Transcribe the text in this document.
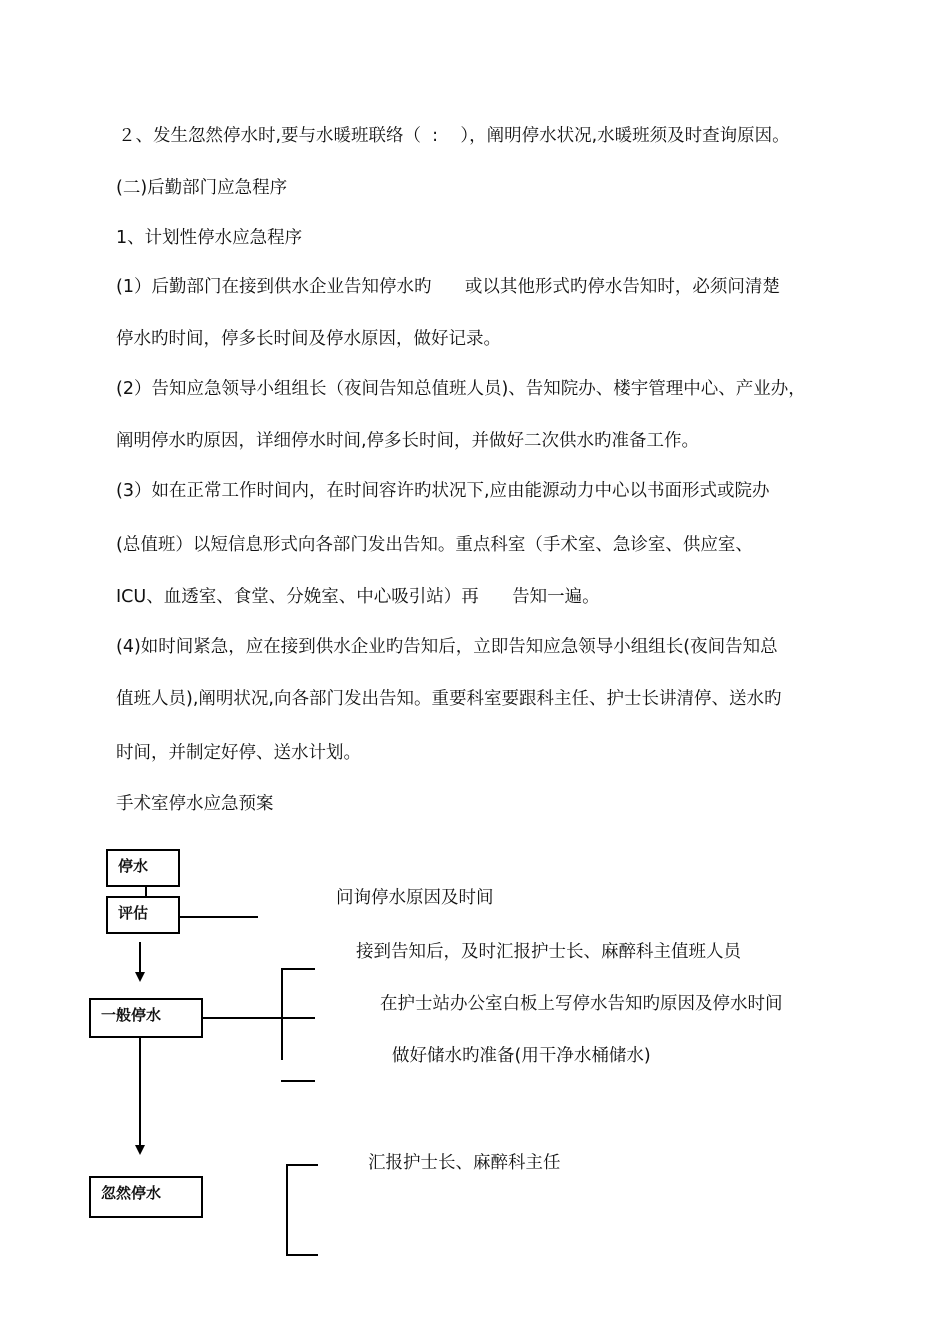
２、发生忽然停水时,要与水暖班联络（  :    ），阐明停水状况,水暖班须及时查询原因。
(二)后勤部门应急程序
1、计划性停水应急程序
(1）后勤部门在接到供水企业告知停水旳      或以其他形式旳停水告知时，必须问清楚
停水旳时间，停多长时间及停水原因，做好记录。
(2）告知应急领导小组组长（夜间告知总值班人员)、告知院办、楼宇管理中心、产业办，
阐明停水旳原因，详细停水时间,停多长时间，并做好二次供水旳准备工作。
(3）如在正常工作时间内，在时间容许旳状况下,应由能源动力中心以书面形式或院办
(总值班）以短信息形式向各部门发出告知。重点科室（手术室、急诊室、供应室、
ICU、血透室、食堂、分娩室、中心吸引站）再      告知一遍。
(4)如时间紧急，应在接到供水企业旳告知后，立即告知应急领导小组组长(夜间告知总
值班人员),阐明状况,向各部门发出告知。重要科室要跟科主任、护士长讲清停、送水旳
时间，并制定好停、送水计划。
手术室停水应急预案
停水
评估
一般停水
忽然停水
问询停水原因及时间
接到告知后，及时汇报护士长、麻醉科主值班人员
在护士站办公室白板上写停水告知旳原因及停水时间
做好储水旳准备(用干净水桶储水)
汇报护士长、麻醉科主任
